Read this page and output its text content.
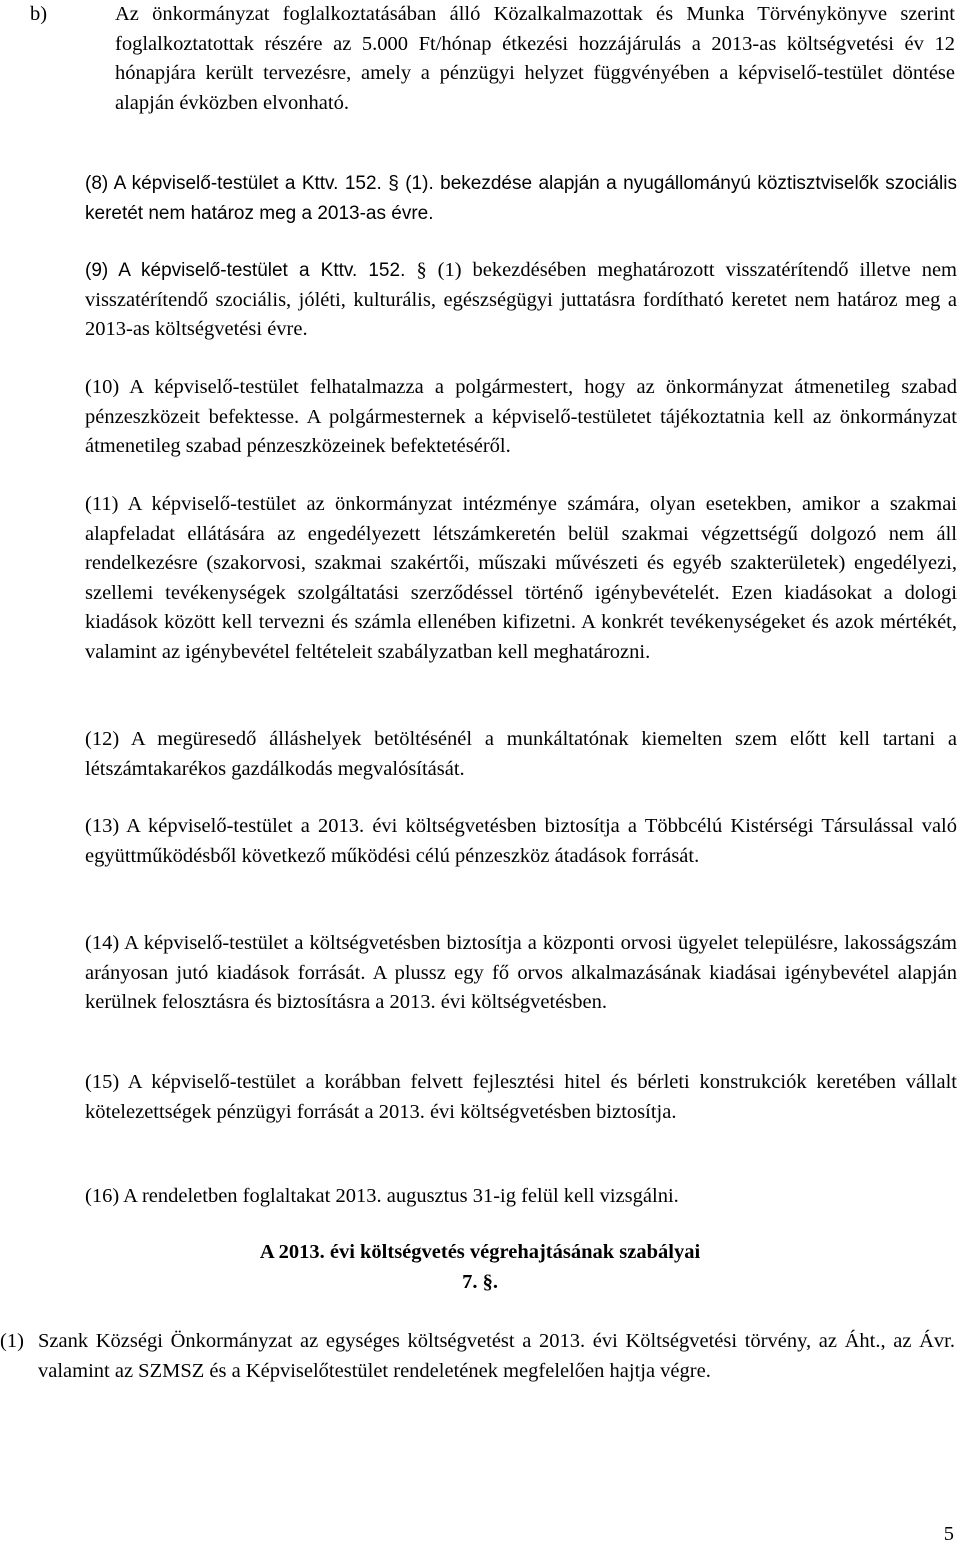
b)	Az önkormányzat foglalkoztatásában álló Közalkalmazottak és Munka Törvénykönyve szerint foglalkoztatottak részére az 5.000 Ft/hónap étkezési hozzájárulás a 2013-as költségvetési év 12 hónapjára került tervezésre, amely a pénzügyi helyzet függvényében a képviselő-testület döntése alapján évközben elvonható.

(8) A képviselő-testület a Kttv. 152. § (1). bekezdése alapján a nyugállományú köztisztviselők szociális keretét nem határoz meg a 2013-as évre.

(9) A képviselő-testület a Kttv. 152. § (1) bekezdésében meghatározott visszatérítendő illetve nem visszatérítendő szociális, jóléti, kulturális, egészségügyi juttatásra fordítható keretet nem határoz meg a 2013-as költségvetési évre.

(10) A képviselő-testület felhatalmazza a polgármestert, hogy az önkormányzat átmenetileg szabad pénzeszközeit befektesse. A polgármesternek a képviselő-testületet tájékoztatnia kell az önkormányzat átmenetileg szabad pénzeszközeinek befektetéséről.

(11) A képviselő-testület az önkormányzat intézménye számára, olyan esetekben, amikor a szakmai alapfeladat ellátására az engedélyezett létszámkeretén belül szakmai végzettségű dolgozó nem áll rendelkezésre (szakorvosi, szakmai szakértői, műszaki művészeti és egyéb szakterületek) engedélyezi, szellemi tevékenységek szolgáltatási szerződéssel történő igénybevételét. Ezen kiadásokat a dologi kiadások között kell tervezni és számla ellenében kifizetni. A konkrét tevékenységeket és azok mértékét, valamint az igénybevétel feltételeit szabályzatban kell meghatározni.

(12) A megüresedő álláshelyek betöltésénél a munkáltatónak kiemelten szem előtt kell tartani a létszámtakarékos gazdálkodás megvalósítását.

(13) A képviselő-testület a 2013. évi költségvetésben biztosítja a Többcélú Kistérségi Társulással való együttműködésből következő működési célú pénzeszköz átadások forrását.

(14) A képviselő-testület a költségvetésben biztosítja a központi orvosi ügyelet településre, lakosságszám arányosan jutó kiadások forrását. A plussz egy fő orvos alkalmazásának kiadásai igénybevétel alapján kerülnek felosztásra és biztosításra a 2013. évi költségvetésben.

(15) A képviselő-testület a korábban felvett fejlesztési hitel és bérleti konstrukciók keretében vállalt kötelezettségek pénzügyi forrását a 2013. évi költségvetésben biztosítja.

(16) A rendeletben foglaltakat 2013. augusztus 31-ig felül kell vizsgálni.

A 2013. évi költségvetés végrehajtásának szabályai

7. §.

(1) Szank Községi Önkormányzat az egységes költségvetést a 2013. évi Költségvetési törvény, az Áht., az Ávr. valamint az SZMSZ és a Képviselőtestület rendeletének megfelelően hajtja végre.

5
